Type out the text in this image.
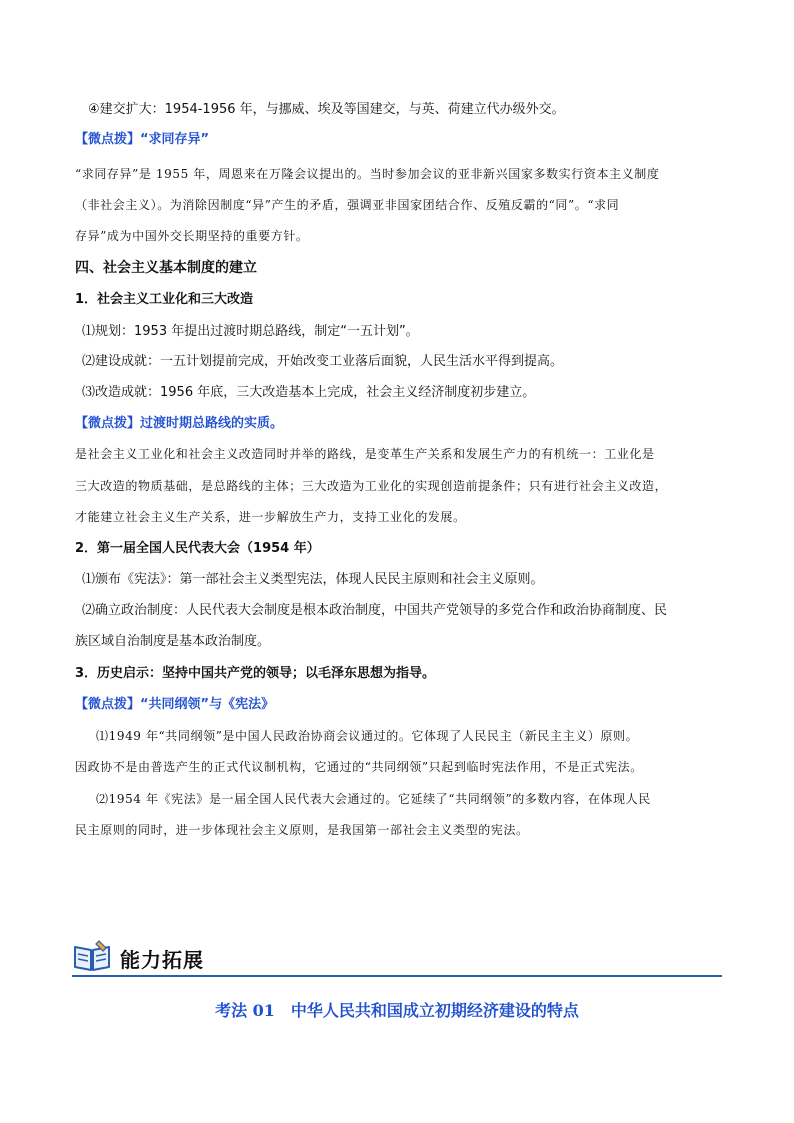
④建交扩大：1954-1956 年，与挪威、埃及等国建交，与英、荷建立代办级外交。
【微点拨】“求同存异”
“求同存异”是 1955 年，周恩来在万隆会议提出的。当时参加会议的亚非新兴国家多数实行资本主义制度
（非社会主义）。为消除因制度“异”产生的矛盾，强调亚非国家团结合作、反殖反霸的“同”。“求同
存异”成为中国外交长期坚持的重要方针。
四、社会主义基本制度的建立
1．社会主义工业化和三大改造
⑴规划：1953 年提出过渡时期总路线，制定“一五计划”。
⑵建设成就：一五计划提前完成，开始改变工业落后面貌，人民生活水平得到提高。
⑶改造成就：1956 年底，三大改造基本上完成，社会主义经济制度初步建立。
【微点拨】过渡时期总路线的实质。
是社会主义工业化和社会主义改造同时并举的路线，是变革生产关系和发展生产力的有机统一：工业化是
三大改造的物质基础，是总路线的主体；三大改造为工业化的实现创造前提条件；只有进行社会主义改造，
才能建立社会主义生产关系，进一步解放生产力，支持工业化的发展。
2．第一届全国人民代表大会（1954 年）
⑴颁布《宪法》：第一部社会主义类型宪法，体现人民民主原则和社会主义原则。
⑵确立政治制度：人民代表大会制度是根本政治制度，中国共产党领导的多党合作和政治协商制度、民
族区域自治制度是基本政治制度。
3．历史启示：坚持中国共产党的领导；以毛泽东思想为指导。
【微点拨】“共同纲领”与《宪法》
⑴1949 年“共同纲领”是中国人民政治协商会议通过的。它体现了人民民主（新民主主义）原则。
因政协不是由普选产生的正式代议制机构，它通过的“共同纲领”只起到临时宪法作用，不是正式宪法。
⑵1954 年《宪法》是一届全国人民代表大会通过的。它延续了“共同纲领”的多数内容，在体现人民
民主原则的同时，进一步体现社会主义原则，是我国第一部社会主义类型的宪法。
能力拓展
考法 01　中华人民共和国成立初期经济建设的特点
